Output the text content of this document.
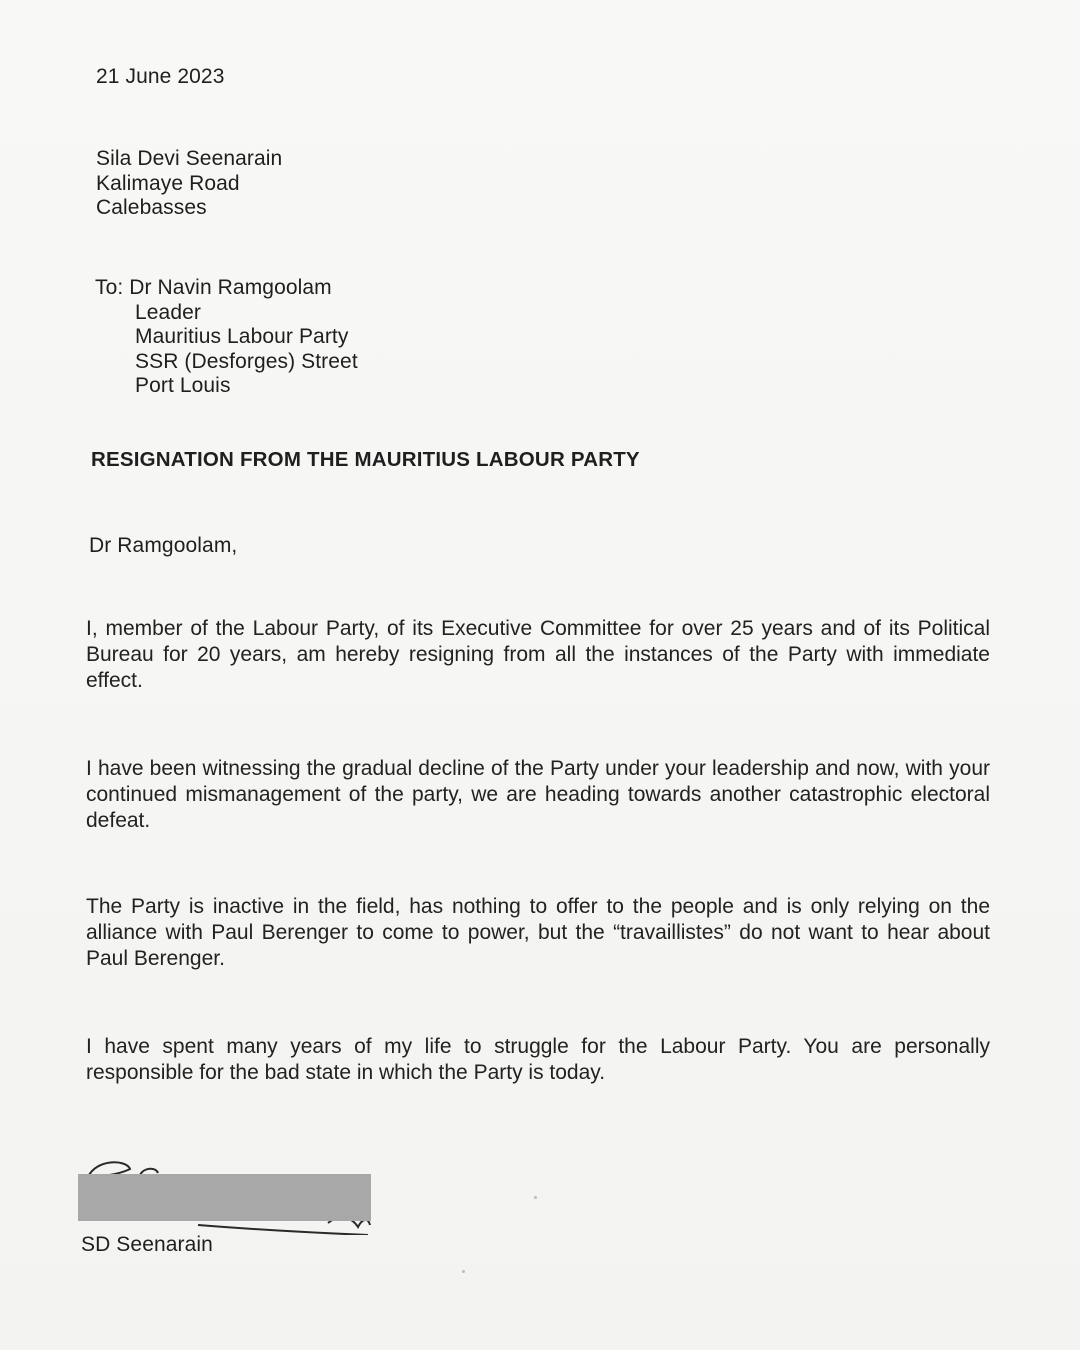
21 June 2023
Sila Devi Seenarain
Kalimaye Road
Calebasses
To: Dr Navin Ramgoolam
Leader
Mauritius Labour Party
SSR (Desforges) Street
Port Louis
RESIGNATION FROM THE MAURITIUS LABOUR PARTY
Dr Ramgoolam,
I, member of the Labour Party, of its Executive Committee for over 25 years and of its Political Bureau for 20 years, am hereby resigning from all the instances of the Party with immediate effect.
I have been witnessing the gradual decline of the Party under your leadership and now, with your continued mismanagement of the party, we are heading towards another catastrophic electoral defeat.
The Party is inactive in the field, has nothing to offer to the people and is only relying on the alliance with Paul Berenger to come to power, but the “travaillistes” do not want to hear about Paul Berenger.
I have spent many years of my life to struggle for the Labour Party. You are personally responsible for the bad state in which the Party is today.
SD Seenarain
